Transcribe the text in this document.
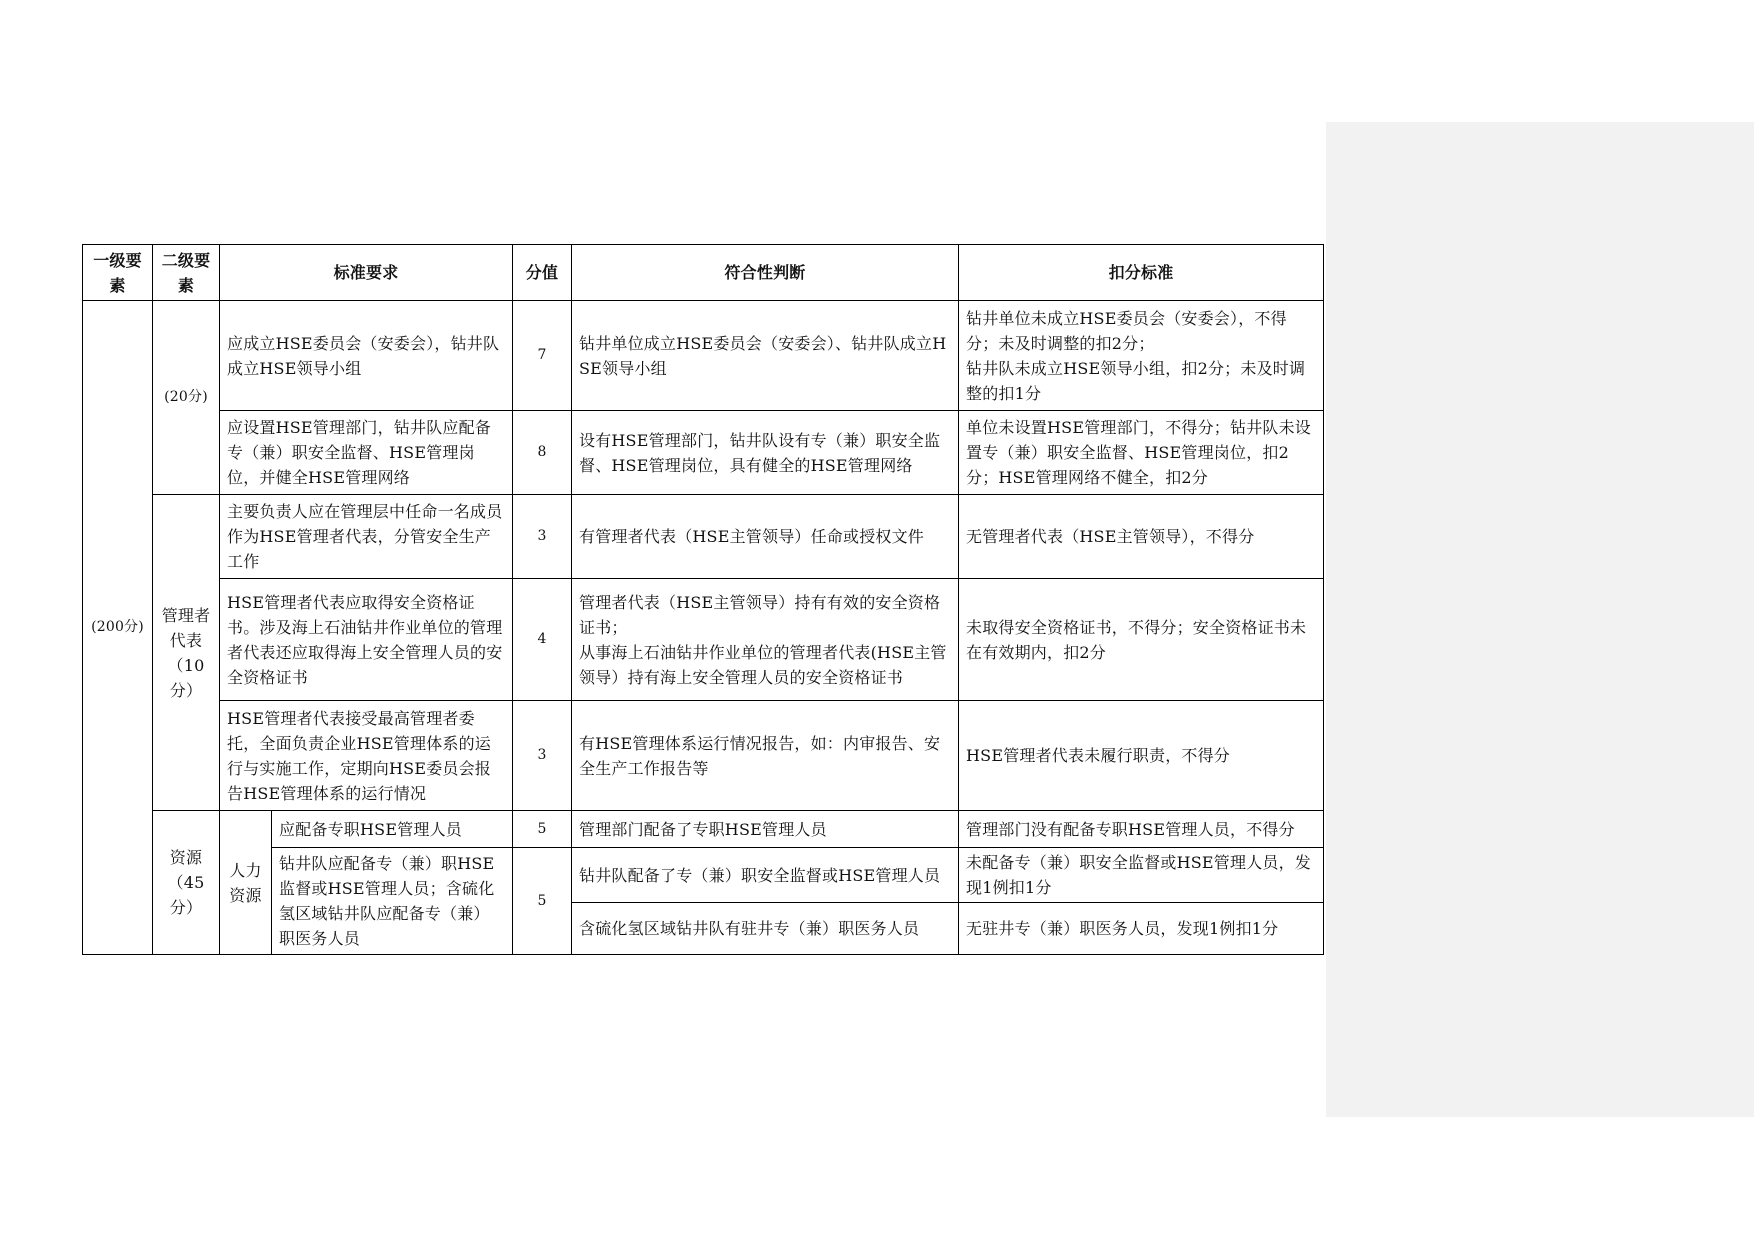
一级要素	二级要素	标准要求		分值	符合性判断	扣分标准
(200分)	(20分)	应成立HSE委员会（安委会），钻井队成立HSE领导小组		7	钻井单位成立HSE委员会（安委会）、钻井队成立HSE领导小组	钻井单位未成立HSE委员会（安委会），不得分；未及时调整的扣2分；
钻井队未成立HSE领导小组，扣2分；未及时调整的扣1分
		应设置HSE管理部门，钻井队应配备专（兼）职安全监督、HSE管理岗位，并健全HSE管理网络		8	设有HSE管理部门，钻井队设有专（兼）职安全监督、HSE管理岗位，具有健全的HSE管理网络	单位未设置HSE管理部门，不得分；钻井队未设置专（兼）职安全监督、HSE管理岗位，扣2分；HSE管理网络不健全，扣2分
	管理者代表（10分）	主要负责人应在管理层中任命一名成员作为HSE管理者代表，分管安全生产工作		3	有管理者代表（HSE主管领导）任命或授权文件	无管理者代表（HSE主管领导），不得分
		HSE管理者代表应取得安全资格证书。涉及海上石油钻井作业单位的管理者代表还应取得海上安全管理人员的安全资格证书		4	管理者代表（HSE主管领导）持有有效的安全资格证书；
从事海上石油钻井作业单位的管理者代表(HSE主管领导）持有海上安全管理人员的安全资格证书	未取得安全资格证书，不得分；安全资格证书未在有效期内，扣2分
		HSE管理者代表接受最高管理者委托，全面负责企业HSE管理体系的运行与实施工作，定期向HSE委员会报告HSE管理体系的运行情况		3	有HSE管理体系运行情况报告，如：内审报告、安全生产工作报告等	HSE管理者代表未履行职责，不得分
	资源（45分）	人力资源	应配备专职HSE管理人员	5	管理部门配备了专职HSE管理人员	管理部门没有配备专职HSE管理人员，不得分
			钻井队应配备专（兼）职HSE监督或HSE管理人员；含硫化氢区域钻井队应配备专（兼）职医务人员	5	钻井队配备了专（兼）职安全监督或HSE管理人员	未配备专（兼）职安全监督或HSE管理人员，发现1例扣1分
					含硫化氢区域钻井队有驻井专（兼）职医务人员	无驻井专（兼）职医务人员，发现1例扣1分
